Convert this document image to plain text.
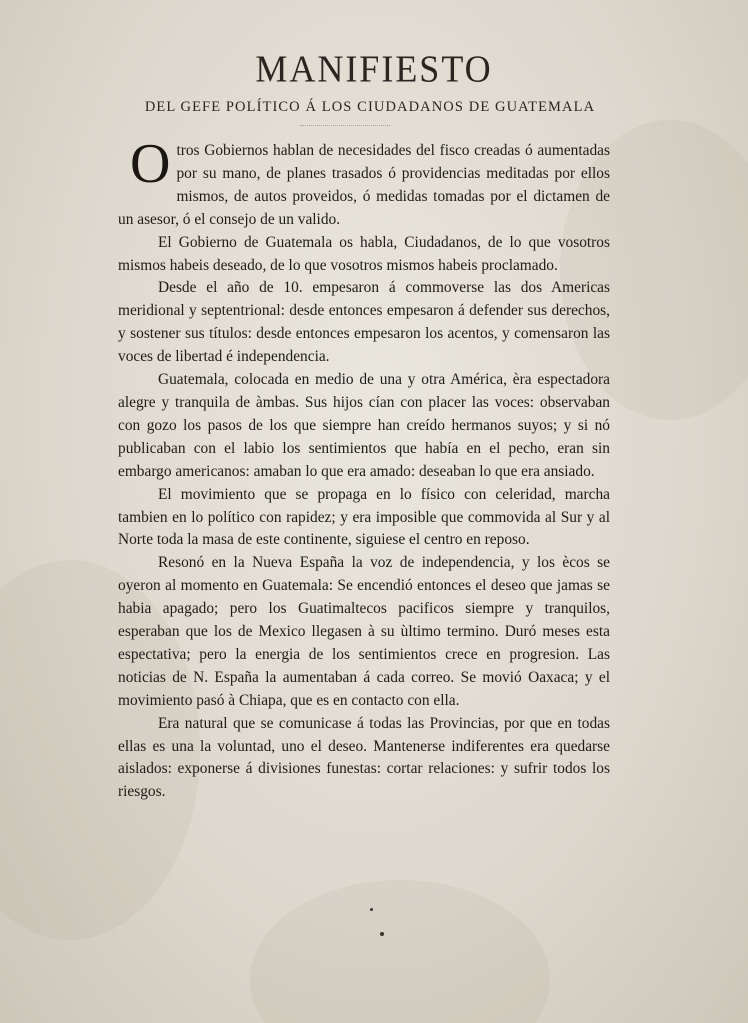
MANIFIESTO
DEL GEFE POLÍTICO Á LOS CIUDADANOS DE GUATEMALA

Otros Gobiernos hablan de necesidades del fisco creadas ó aumentadas por su mano, de planes trasados ó providencias meditadas por ellos mismos, de autos proveidos, ó medidas tomadas por el dictamen de un asesor, ó el consejo de un valido.

El Gobierno de Guatemala os habla, Ciudadanos, de lo que vosotros mismos habeis deseado, de lo que vosotros mismos habeis proclamado.

Desde el año de 10. empesaron á commoverse las dos Americas meridional y septentrional: desde entonces empesaron á defender sus derechos, y sostener sus títulos: desde entonces empesaron los acentos, y comensaron las voces de libertad é independencia.

Guatemala, colocada en medio de una y otra América, èra espectadora alegre y tranquila de àmbas. Sus hijos cían con placer las voces: observaban con gozo los pasos de los que siempre han creído hermanos suyos; y si nó publicaban con el labio los sentimientos que había en el pecho, eran sin embargo americanos: amaban lo que era amado: deseaban lo que era ansiado.

El movimiento que se propaga en lo físico con celeridad, marcha tambien en lo político con rapidez; y era imposible que commovida al Sur y al Norte toda la masa de este continente, siguiese el centro en reposo.

Resonó en la Nueva España la voz de independencia, y los ècos se oyeron al momento en Guatemala: Se encendió entonces el deseo que jamas se habia apagado; pero los Guatimaltecos pacificos siempre y tranquilos, esperaban que los de Mexico llegasen à su ùltimo termino. Duró meses esta espectativa; pero la energia de los sentimientos crece en progresion. Las noticias de N. España la aumentaban á cada correo. Se movió Oaxaca; y el movimiento pasó à Chiapa, que es en contacto con ella.

Era natural que se comunicase á todas las Provincias, por que en todas ellas es una la voluntad, uno el deseo. Mantenerse indiferentes era quedarse aislados: exponerse á divisiones funestas: cortar relaciones: y sufrir todos los riesgos.
